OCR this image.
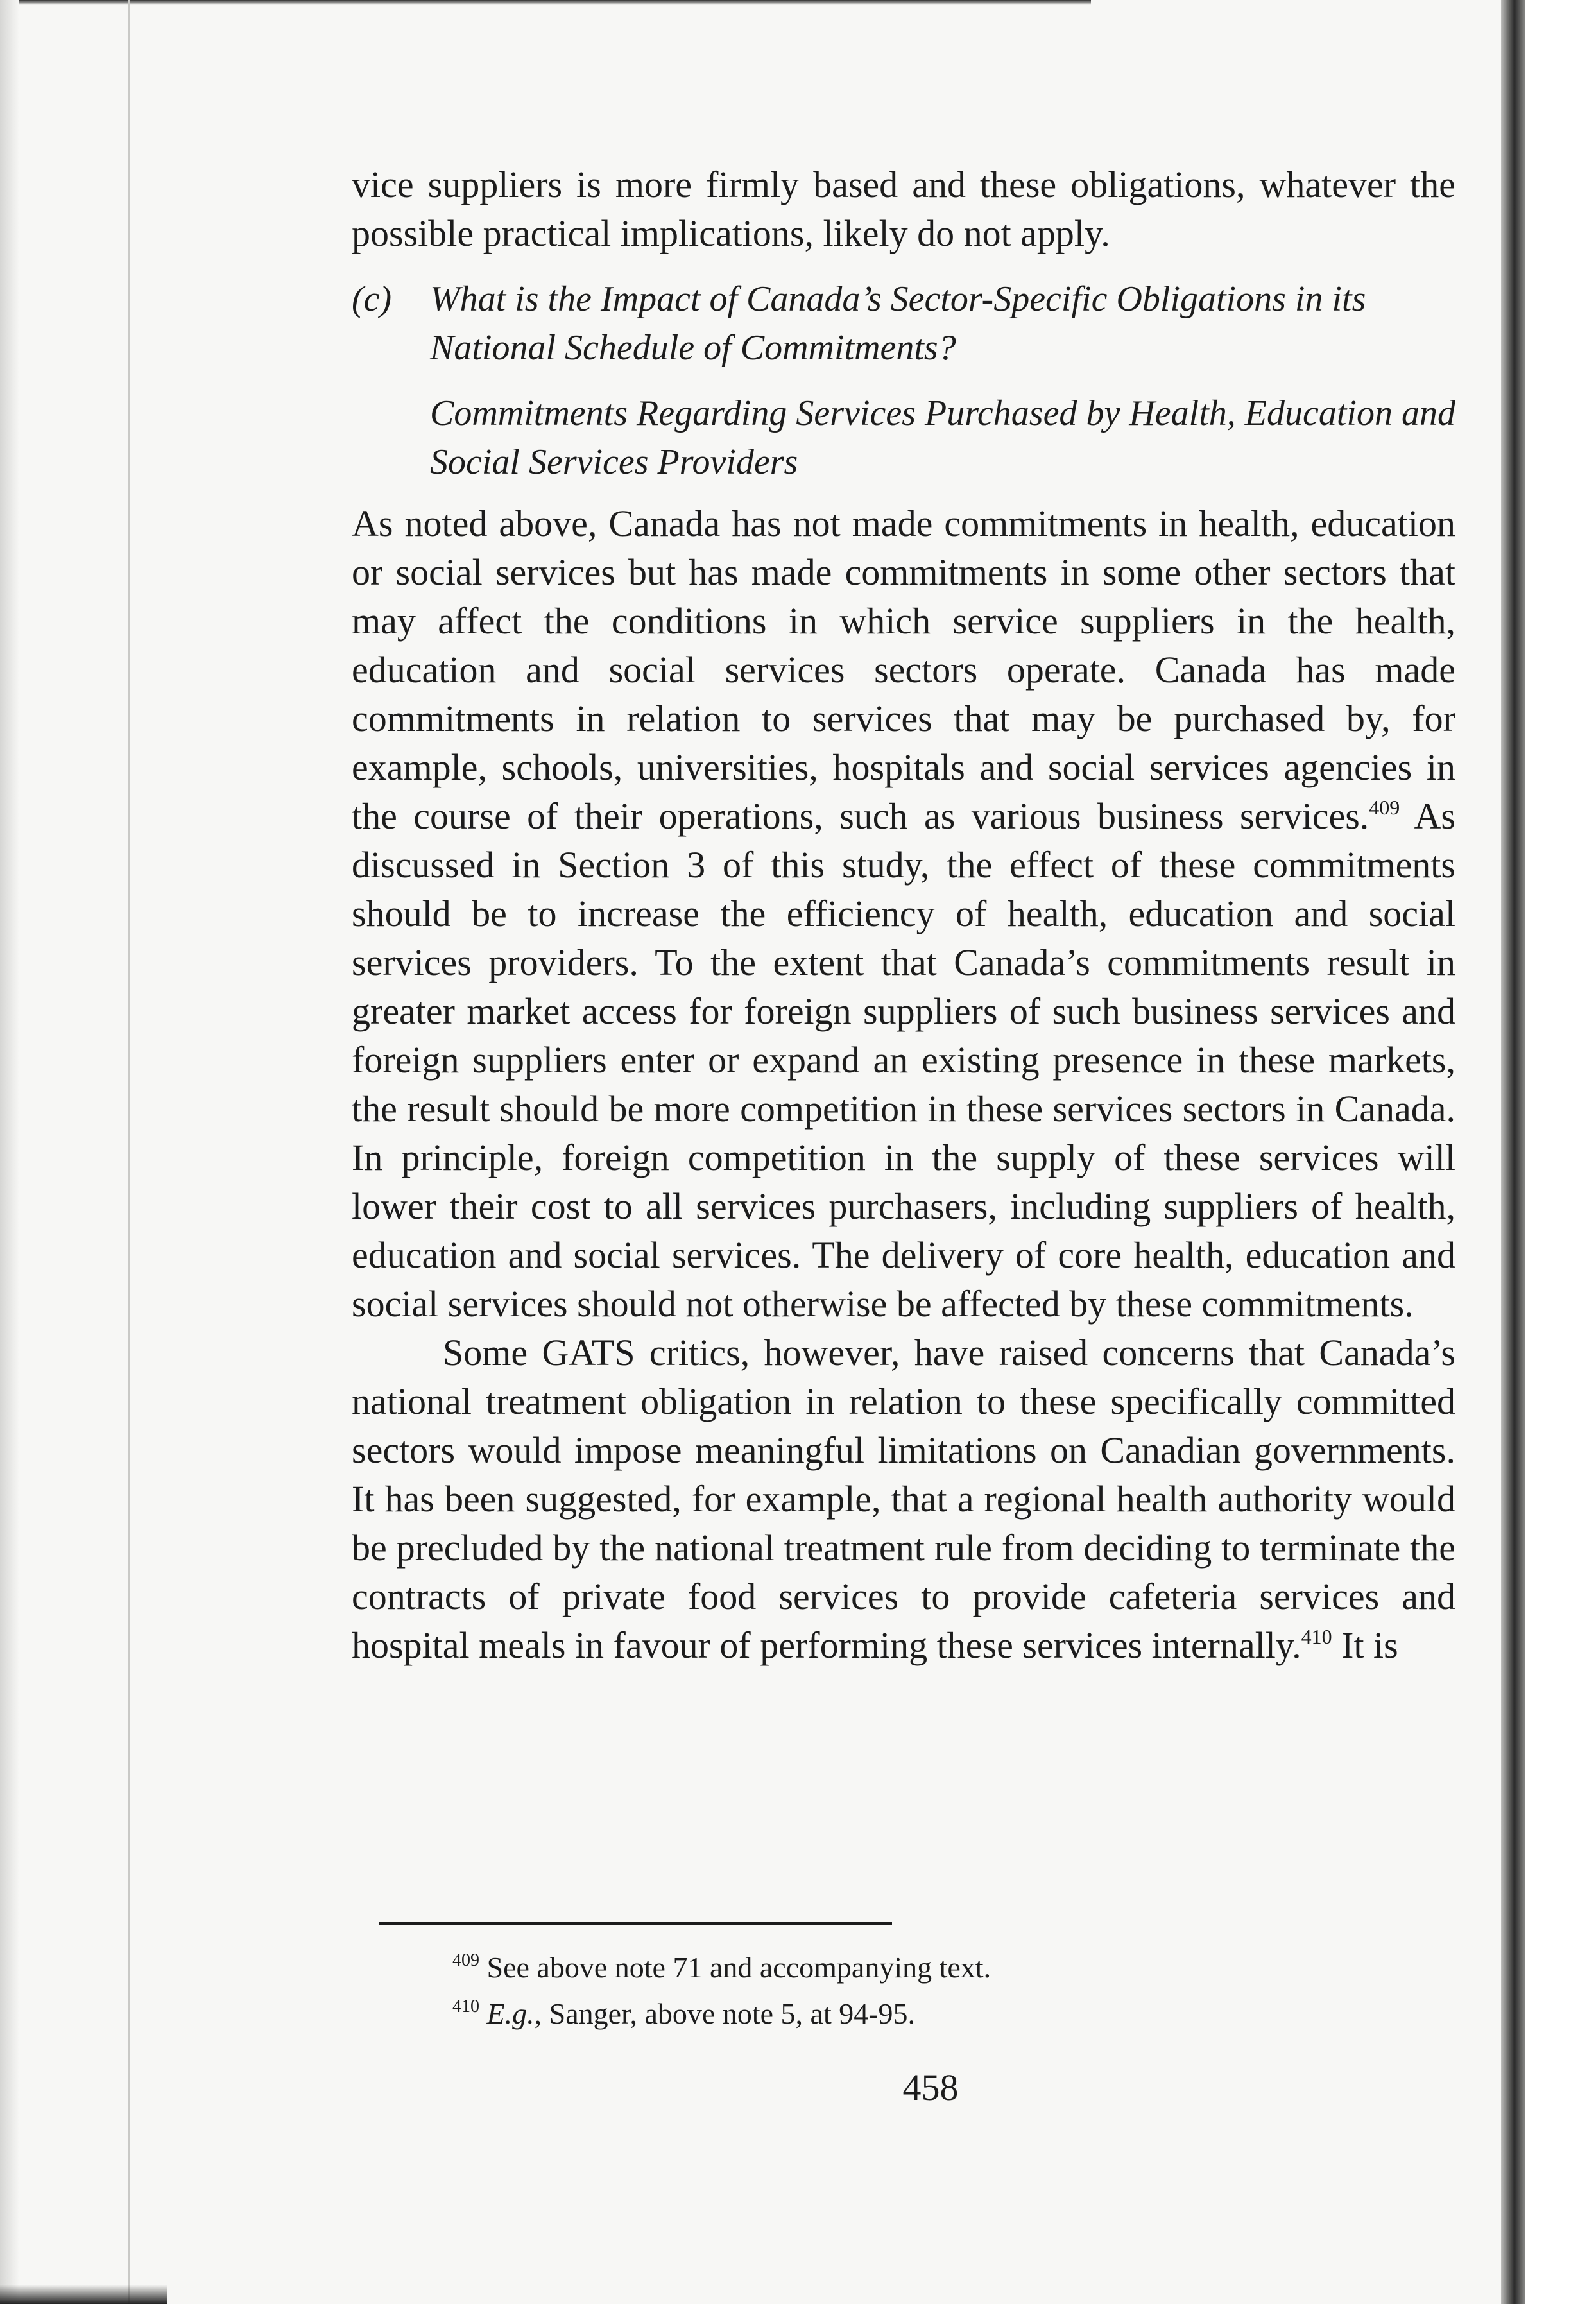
vice suppliers is more firmly based and these obligations, whatever the possible practical implications, likely do not apply.

(c) What is the Impact of Canada’s Sector-Specific Obligations in its National Schedule of Commitments?

Commitments Regarding Services Purchased by Health, Education and Social Services Providers

As noted above, Canada has not made commitments in health, education or social services but has made commitments in some other sectors that may affect the conditions in which service suppliers in the health, education and social services sectors operate. Canada has made commitments in relation to services that may be purchased by, for example, schools, universities, hospitals and social services agencies in the course of their operations, such as various business services.$^{409}$ As discussed in Section 3 of this study, the effect of these commitments should be to increase the efficiency of health, education and social services providers. To the extent that Canada’s commitments result in greater market access for foreign suppliers of such business services and foreign suppliers enter or expand an existing presence in these markets, the result should be more competition in these services sectors in Canada. In principle, foreign competition in the supply of these services will lower their cost to all services purchasers, including suppliers of health, education and social services. The delivery of core health, education and social services should not otherwise be affected by these commitments.

Some GATS critics, however, have raised concerns that Canada’s national treatment obligation in relation to these specifically committed sectors would impose meaningful limitations on Canadian governments. It has been suggested, for example, that a regional health authority would be precluded by the national treatment rule from deciding to terminate the contracts of private food services to provide cafeteria services and hospital meals in favour of performing these services internally.$^{410}$ It is

$^{409}$ See above note 71 and accompanying text.

$^{410}$ E.g., Sanger, above note 5, at 94-95.

458
